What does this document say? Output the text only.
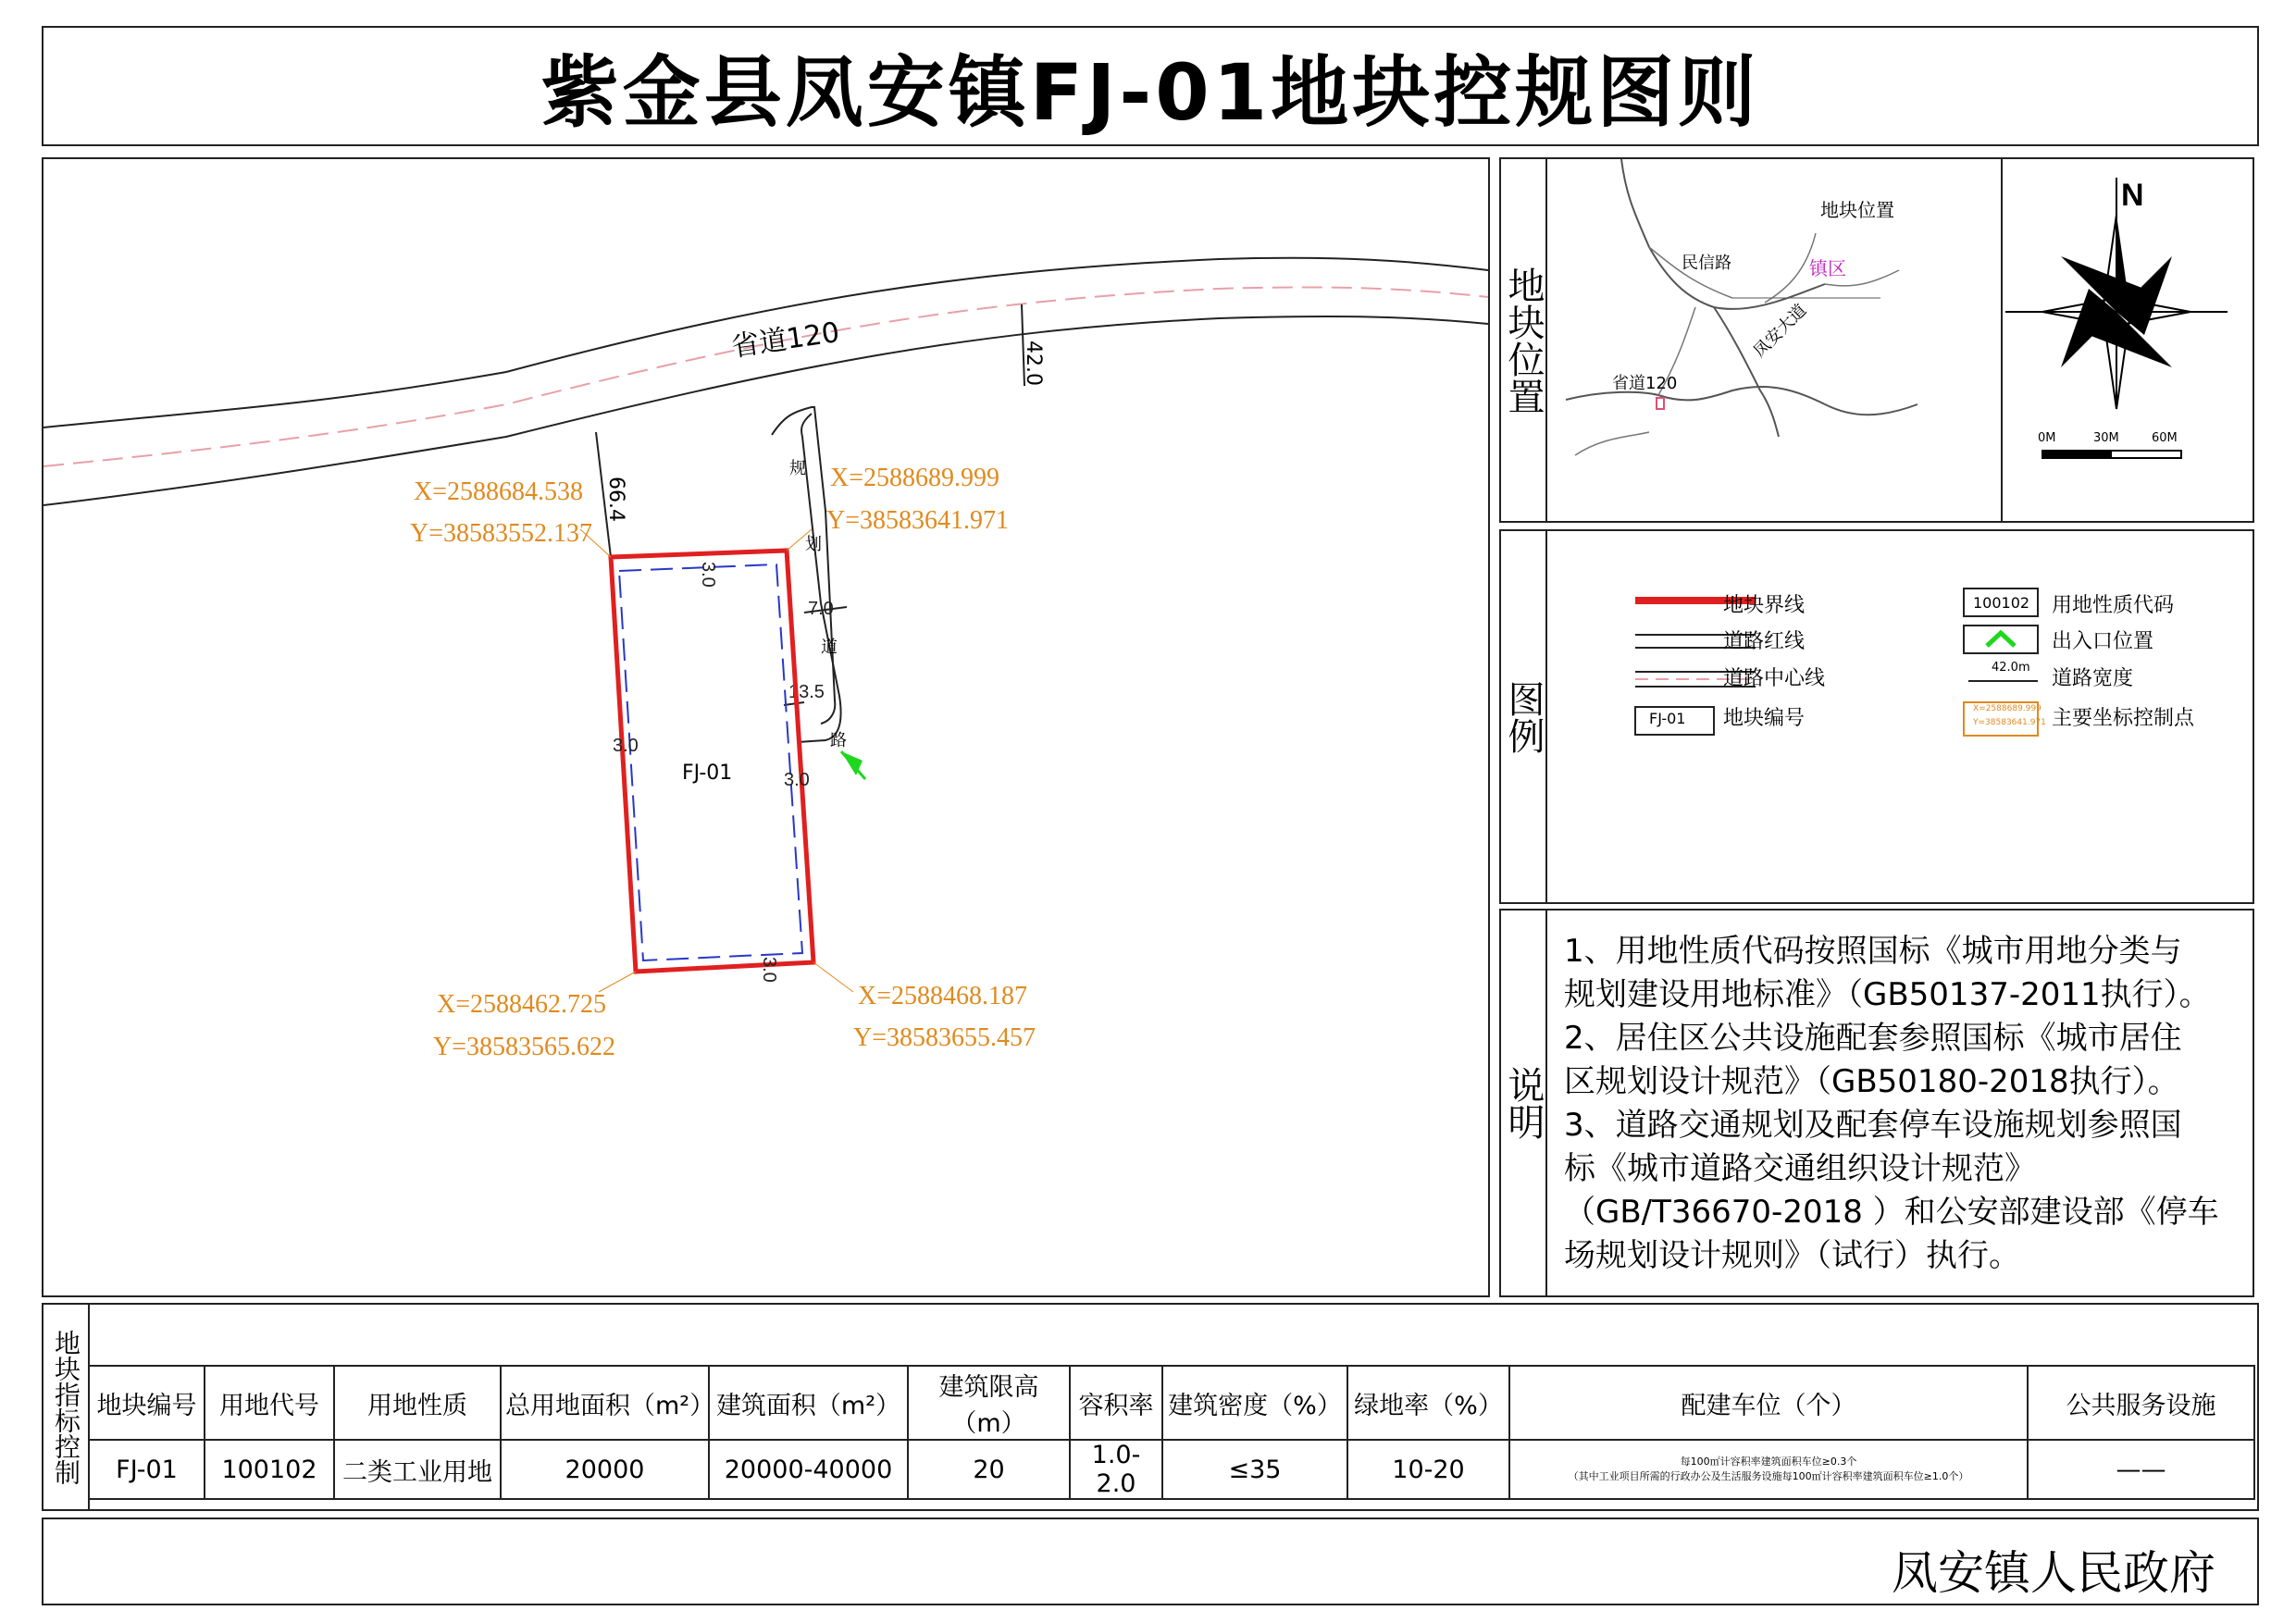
紫金县凤安镇FJ-01地块控规图则
省道120	42.0
66.4
规
划
道
路
7.0
13.5
FJ-01
3.0
3.0
3.0
3.0
X=2588684.538
Y=38583552.137
X=2588689.999
Y=38583641.971
X=2588462.725
Y=38583565.622
X=2588468.187
Y=38583655.457
地块位置
地块位置
民信路	镇区
凤安大道
省道120
N
0M	30M	60M
图例
地块界线
道路红线
道路中心线
FJ-01 地块编号
100102 用地性质代码
出入口位置
42.0m 道路宽度
X=2588689.999
Y=38583641.971 主要坐标控制点
说明

1、用地性质代码按照国标《城市用地分类与

规划建设用地标准》（GB50137-2011执行）。

2、居住区公共设施配套参照国标《城市居住

区规划设计规范》（GB50180-2018执行）。

3、道路交通规划及配套停车设施规划参照国

标《城市道路交通组织设计规范》

（GB/T36670-2018 ）和公安部建设部《停车

场规划设计规则》（试行）执行。

地块指标控制 地块编号	用地代号	用地性质	总用地面积（m²）	建筑面积（m²）	建筑限高（m）	容积率	建筑密度（%）	绿地率（%）	配建车位（个）	公共服务设施
FJ-01	100102	二类工业用地	20000	20000-40000	20	1.0-2.0	≤35	10-20	每100㎡计容积率建筑面积车位≥0.3个
（其中工业项目所需的行政办公及生活服务设施每100㎡计容积率建筑面积车位≥1.0个）	——
凤安镇人民政府
